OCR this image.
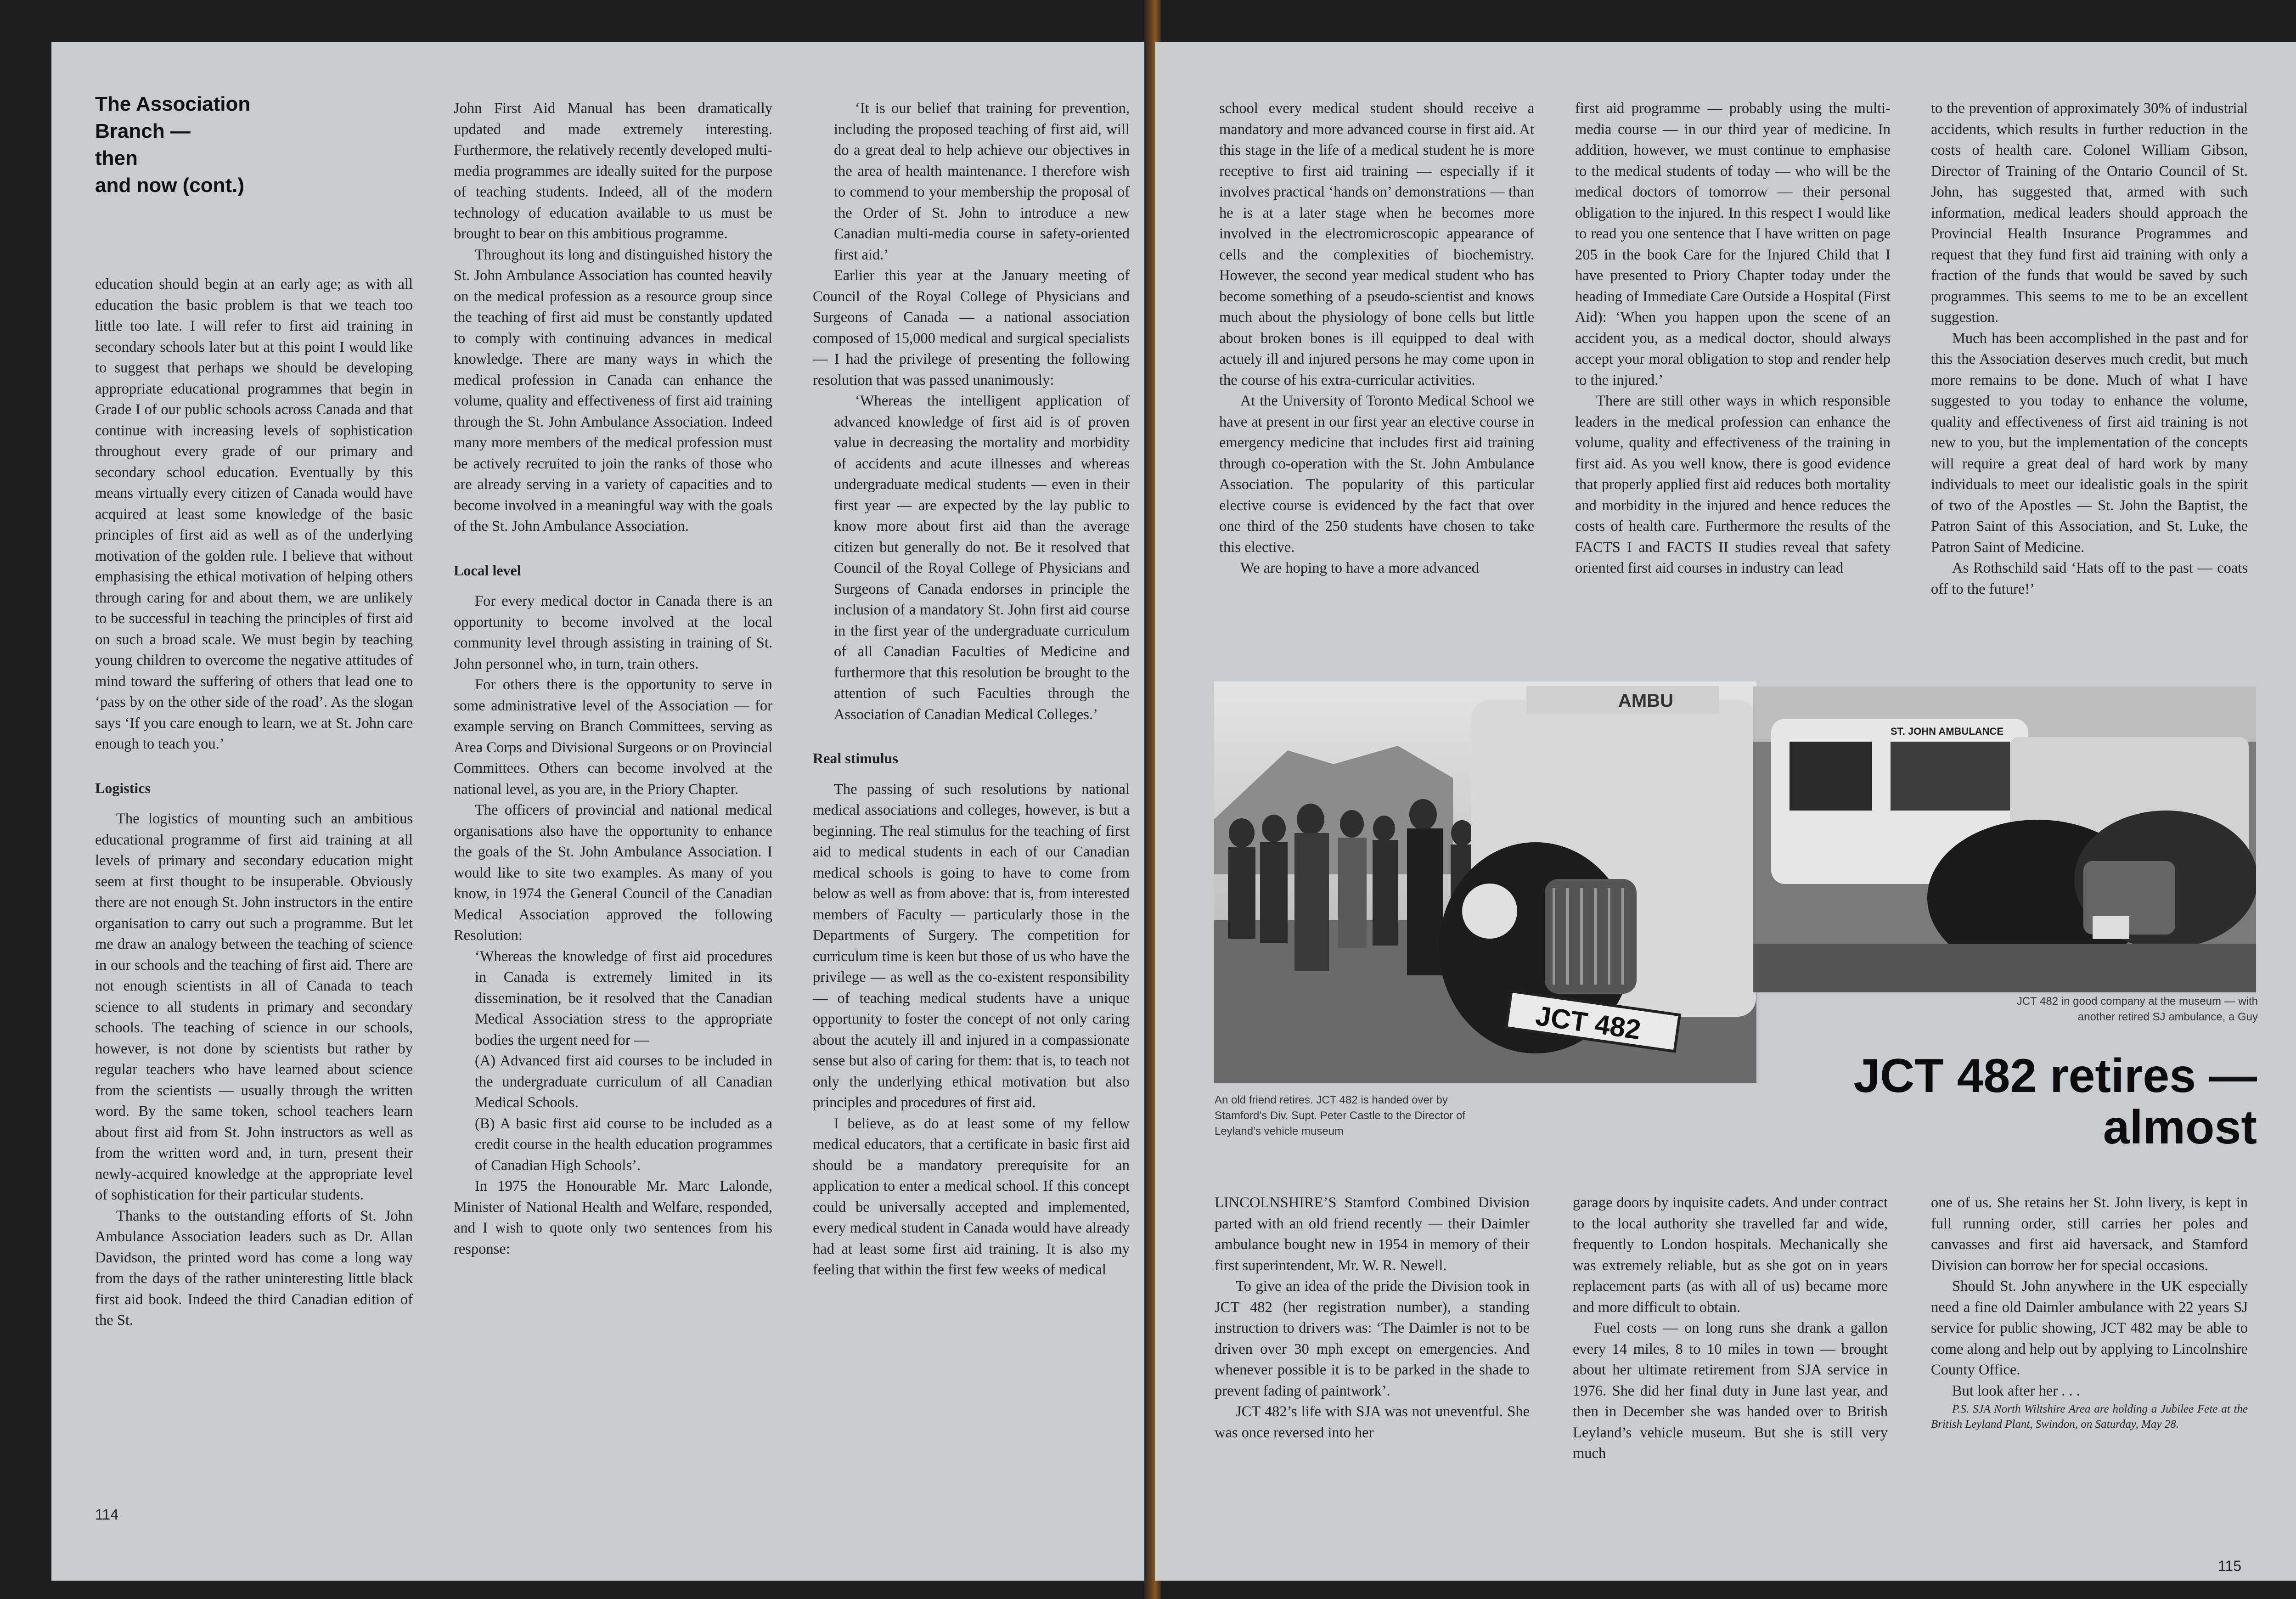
The Association
Branch —
then
and now (cont.)

education should begin at an early age; as with all education the basic problem is that we teach too little too late. I will refer to first aid training in secondary schools later but at this point I would like to suggest that perhaps we should be developing appropriate educational programmes that begin in Grade I of our public schools across Canada and that continue with increasing levels of sophistication throughout every grade of our primary and secondary school education. Eventually by this means virtually every citizen of Canada would have acquired at least some knowledge of the basic principles of first aid as well as of the underlying motivation of the golden rule. I believe that without emphasising the ethical motivation of helping others through caring for and about them, we are unlikely to be successful in teaching the principles of first aid on such a broad scale. We must begin by teaching young children to overcome the negative attitudes of mind toward the suffering of others that lead one to ‘pass by on the other side of the road’. As the slogan says ‘If you care enough to learn, we at St. John care enough to teach you.’

Logistics

The logistics of mounting such an ambitious educational programme of first aid training at all levels of primary and secondary education might seem at first thought to be insuperable. Obviously there are not enough St. John instructors in the entire organisation to carry out such a programme. But let me draw an analogy between the teaching of science in our schools and the teaching of first aid. There are not enough scientists in all of Canada to teach science to all students in primary and secondary schools. The teaching of science in our schools, however, is not done by scientists but rather by regular teachers who have learned about science from the scientists — usually through the written word. By the same token, school teachers learn about first aid from St. John instructors as well as from the written word and, in turn, present their newly-acquired knowledge at the appropriate level of sophistication for their particular students.

Thanks to the outstanding efforts of St. John Ambulance Association leaders such as Dr. Allan Davidson, the printed word has come a long way from the days of the rather uninteresting little black first aid book. Indeed the third Canadian edition of the St.

John First Aid Manual has been dramatically updated and made extremely interesting. Furthermore, the relatively recently developed multi-media programmes are ideally suited for the purpose of teaching students. Indeed, all of the modern technology of education available to us must be brought to bear on this ambitious programme.

Throughout its long and distinguished history the St. John Ambulance Association has counted heavily on the medical profession as a resource group since the teaching of first aid must be constantly updated to comply with continuing advances in medical knowledge. There are many ways in which the medical profession in Canada can enhance the volume, quality and effectiveness of first aid training through the St. John Ambulance Association. Indeed many more members of the medical profession must be actively recruited to join the ranks of those who are already serving in a variety of capacities and to become involved in a meaningful way with the goals of the St. John Ambulance Association.

Local level

For every medical doctor in Canada there is an opportunity to become involved at the local community level through assisting in training of St. John personnel who, in turn, train others.

For others there is the opportunity to serve in some administrative level of the Association — for example serving on Branch Committees, serving as Area Corps and Divisional Surgeons or on Provincial Committees. Others can become involved at the national level, as you are, in the Priory Chapter.

The officers of provincial and national medical organisations also have the opportunity to enhance the goals of the St. John Ambulance Association. I would like to site two examples. As many of you know, in 1974 the General Council of the Canadian Medical Association approved the following Resolution:

‘Whereas the knowledge of first aid procedures in Canada is extremely limited in its dissemination, be it resolved that the Canadian Medical Association stress to the appropriate bodies the urgent need for —

(A) Advanced first aid courses to be included in the undergraduate curriculum of all Canadian Medical Schools.

(B) A basic first aid course to be included as a credit course in the health education programmes of Canadian High Schools’.

In 1975 the Honourable Mr. Marc Lalonde, Minister of National Health and Welfare, responded, and I wish to quote only two sentences from his response:

‘It is our belief that training for prevention, including the proposed teaching of first aid, will do a great deal to help achieve our objectives in the area of health maintenance. I therefore wish to commend to your membership the proposal of the Order of St. John to introduce a new Canadian multi-media course in safety-oriented first aid.’

Earlier this year at the January meeting of Council of the Royal College of Physicians and Surgeons of Canada — a national association composed of 15,000 medical and surgical specialists — I had the privilege of presenting the following resolution that was passed unanimously:

‘Whereas the intelligent application of advanced knowledge of first aid is of proven value in decreasing the mortality and morbidity of accidents and acute illnesses and whereas undergraduate medical students — even in their first year — are expected by the lay public to know more about first aid than the average citizen but generally do not. Be it resolved that Council of the Royal College of Physicians and Surgeons of Canada endorses in principle the inclusion of a mandatory St. John first aid course in the first year of the undergraduate curriculum of all Canadian Faculties of Medicine and furthermore that this resolution be brought to the attention of such Faculties through the Association of Canadian Medical Colleges.’

Real stimulus

The passing of such resolutions by national medical associations and colleges, however, is but a beginning. The real stimulus for the teaching of first aid to medical students in each of our Canadian medical schools is going to have to come from below as well as from above: that is, from interested members of Faculty — particularly those in the Departments of Surgery. The competition for curriculum time is keen but those of us who have the privilege — as well as the co-existent responsibility — of teaching medical students have a unique opportunity to foster the concept of not only caring about the acutely ill and injured in a compassionate sense but also of caring for them: that is, to teach not only the underlying ethical motivation but also principles and procedures of first aid.

I believe, as do at least some of my fellow medical educators, that a certificate in basic first aid should be a mandatory prerequisite for an application to enter a medical school. If this concept could be universally accepted and implemented, every medical student in Canada would have already had at least some first aid training. It is also my feeling that within the first few weeks of medical

114

school every medical student should receive a mandatory and more advanced course in first aid. At this stage in the life of a medical student he is more receptive to first aid training — especially if it involves practical ‘hands on’ demonstrations — than he is at a later stage when he becomes more involved in the electromicroscopic appearance of cells and the complexities of biochemistry. However, the second year medical student who has become something of a pseudo-scientist and knows much about the physiology of bone cells but little about broken bones is ill equipped to deal with actuely ill and injured persons he may come upon in the course of his extra-curricular activities.

At the University of Toronto Medical School we have at present in our first year an elective course in emergency medicine that includes first aid training through co-operation with the St. John Ambulance Association. The popularity of this particular elective course is evidenced by the fact that over one third of the 250 students have chosen to take this elective.

We are hoping to have a more advanced

first aid programme — probably using the multi-media course — in our third year of medicine. In addition, however, we must continue to emphasise to the medical students of today — who will be the medical doctors of tomorrow — their personal obligation to the injured. In this respect I would like to read you one sentence that I have written on page 205 in the book Care for the Injured Child that I have presented to Priory Chapter today under the heading of Immediate Care Outside a Hospital (First Aid): ‘When you happen upon the scene of an accident you, as a medical doctor, should always accept your moral obligation to stop and render help to the injured.’

There are still other ways in which responsible leaders in the medical profession can enhance the volume, quality and effectiveness of the training in first aid. As you well know, there is good evidence that properly applied first aid reduces both mortality and morbidity in the injured and hence reduces the costs of health care. Furthermore the results of the FACTS I and FACTS II studies reveal that safety oriented first aid courses in industry can lead

to the prevention of approximately 30% of industrial accidents, which results in further reduction in the costs of health care. Colonel William Gibson, Director of Training of the Ontario Council of St. John, has suggested that, armed with such information, medical leaders should approach the Provincial Health Insurance Programmes and request that they fund first aid training with only a fraction of the funds that would be saved by such programmes. This seems to me to be an excellent suggestion.

Much has been accomplished in the past and for this the Association deserves much credit, but much more remains to be done. Much of what I have suggested to you today to enhance the volume, quality and effectiveness of first aid training is not new to you, but the implementation of the concepts will require a great deal of hard work by many individuals to meet our idealistic goals in the spirit of two of the Apostles — St. John the Baptist, the Patron Saint of this Association, and St. Luke, the Patron Saint of Medicine.

As Rothschild said ‘Hats off to the past — coats off to the future!’

AMBU
JCT 482
An old friend retires. JCT 482 is handed over by Stamford’s Div. Supt. Peter Castle to the Director of Leyland’s vehicle museum
ST. JOHN AMBULANCE
JCT 482 in good company at the museum — with another retired SJ ambulance, a Guy
JCT 482 retires —
almost

LINCOLNSHIRE’S Stamford Combined Division parted with an old friend recently — their Daimler ambulance bought new in 1954 in memory of their first superintendent, Mr. W. R. Newell.

To give an idea of the pride the Division took in JCT 482 (her registration number), a standing instruction to drivers was: ‘The Daimler is not to be driven over 30 mph except on emergencies. And whenever possible it is to be parked in the shade to prevent fading of paintwork’.

JCT 482’s life with SJA was not uneventful. She was once reversed into her

garage doors by inquisite cadets. And under contract to the local authority she travelled far and wide, frequently to London hospitals. Mechanically she was extremely reliable, but as she got on in years replacement parts (as with all of us) became more and more difficult to obtain.

Fuel costs — on long runs she drank a gallon every 14 miles, 8 to 10 miles in town — brought about her ultimate retirement from SJA service in 1976. She did her final duty in June last year, and then in December she was handed over to British Leyland’s vehicle museum. But she is still very much

one of us. She retains her St. John livery, is kept in full running order, still carries her poles and canvasses and first aid haversack, and Stamford Division can borrow her for special occasions.

Should St. John anywhere in the UK especially need a fine old Daimler ambulance with 22 years SJ service for public showing, JCT 482 may be able to come along and help out by applying to Lincolnshire County Office.

But look after her . . .

P.S. SJA North Wiltshire Area are holding a Jubilee Fete at the British Leyland Plant, Swindon, on Saturday, May 28.

115
